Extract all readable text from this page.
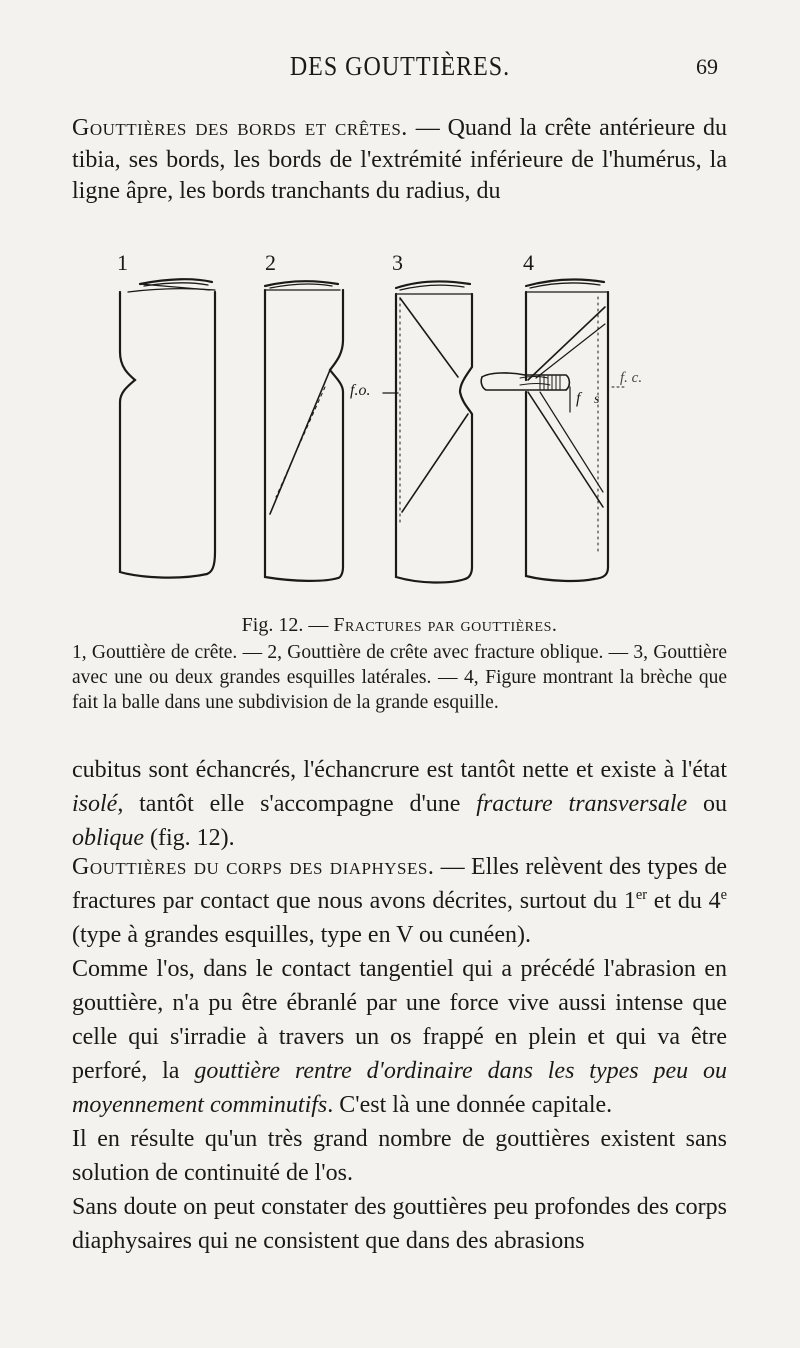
DES GOUTTIÈRES.	69
Gouttières des bords et crêtes. — Quand la crête antérieure du tibia, ses bords, les bords de l'extrémité inférieure de l'humérus, la ligne âpre, les bords tranchants du radius, du
1	2	3	4
f.o.	f s
f. c.
Fig. 12. — Fractures par gouttières.
1, Gouttière de crête. — 2, Gouttière de crête avec fracture oblique. — 3, Gouttière avec une ou deux grandes esquilles latérales. — 4, Figure montrant la brèche que fait la balle dans une subdivision de la grande esquille.
cubitus sont échancrés, l'échancrure est tantôt nette et existe à l'état isolé, tantôt elle s'accompagne d'une fracture transversale ou oblique (fig. 12).

Gouttières du corps des diaphyses. — Elles relèvent des types de fractures par contact que nous avons décrites, surtout du 1er et du 4e (type à grandes esquilles, type en V ou cunéen).

Comme l'os, dans le contact tangentiel qui a précédé l'abrasion en gouttière, n'a pu être ébranlé par une force vive aussi intense que celle qui s'irradie à travers un os frappé en plein et qui va être perforé, la gouttière rentre d'ordinaire dans les types peu ou moyennement comminutifs. C'est là une donnée capitale.

Il en résulte qu'un très grand nombre de gouttières existent sans solution de continuité de l'os.

Sans doute on peut constater des gouttières peu profondes des corps diaphysaires qui ne consistent que dans des abrasions
